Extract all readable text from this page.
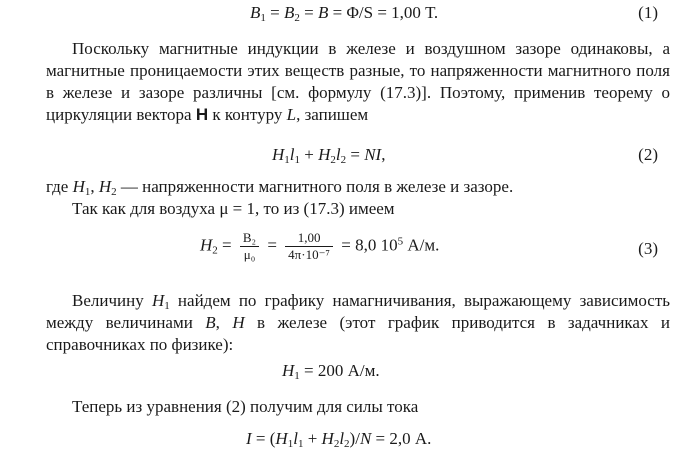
$B_1 = B_2 = B = \Phi/S = 1,00$ Т.	(1)
Поскольку магнитные индукции в железе и воздушном зазоре одинаковы, а магнитные проницаемости этих веществ разные, то напряженности магнитного поля в железе и зазоре различны [см. формулу (17.3)]. Поэтому, применив теорему о циркуляции вектора H к контуру L, запишем
$H_1l_1 + H_2l_2$ = NI,	(2)
где $H_1$, $H_2$ — напряженности магнитного поля в железе и зазоре.
Так как для воздуха μ = 1, то из (17.3) имеем
$H_2 = \frac{\text{B₂}}{\text{μ₀}} = \frac{1,00}{\text{4π·10⁻⁷}} = 8,0$ $10^5$ А/м.	(3)
Величину $H_1$ найдем по графику намагничивания, выражающему зависимость между величинами B, H в железе (этот график приводится в задачниках и справочниках по физике):
$H_1 = 200$ А/м.
Теперь из уравнения (2) получим для силы тока
$I = (H_1l_1 + H_2l_2)/N = 2,0$ А.
